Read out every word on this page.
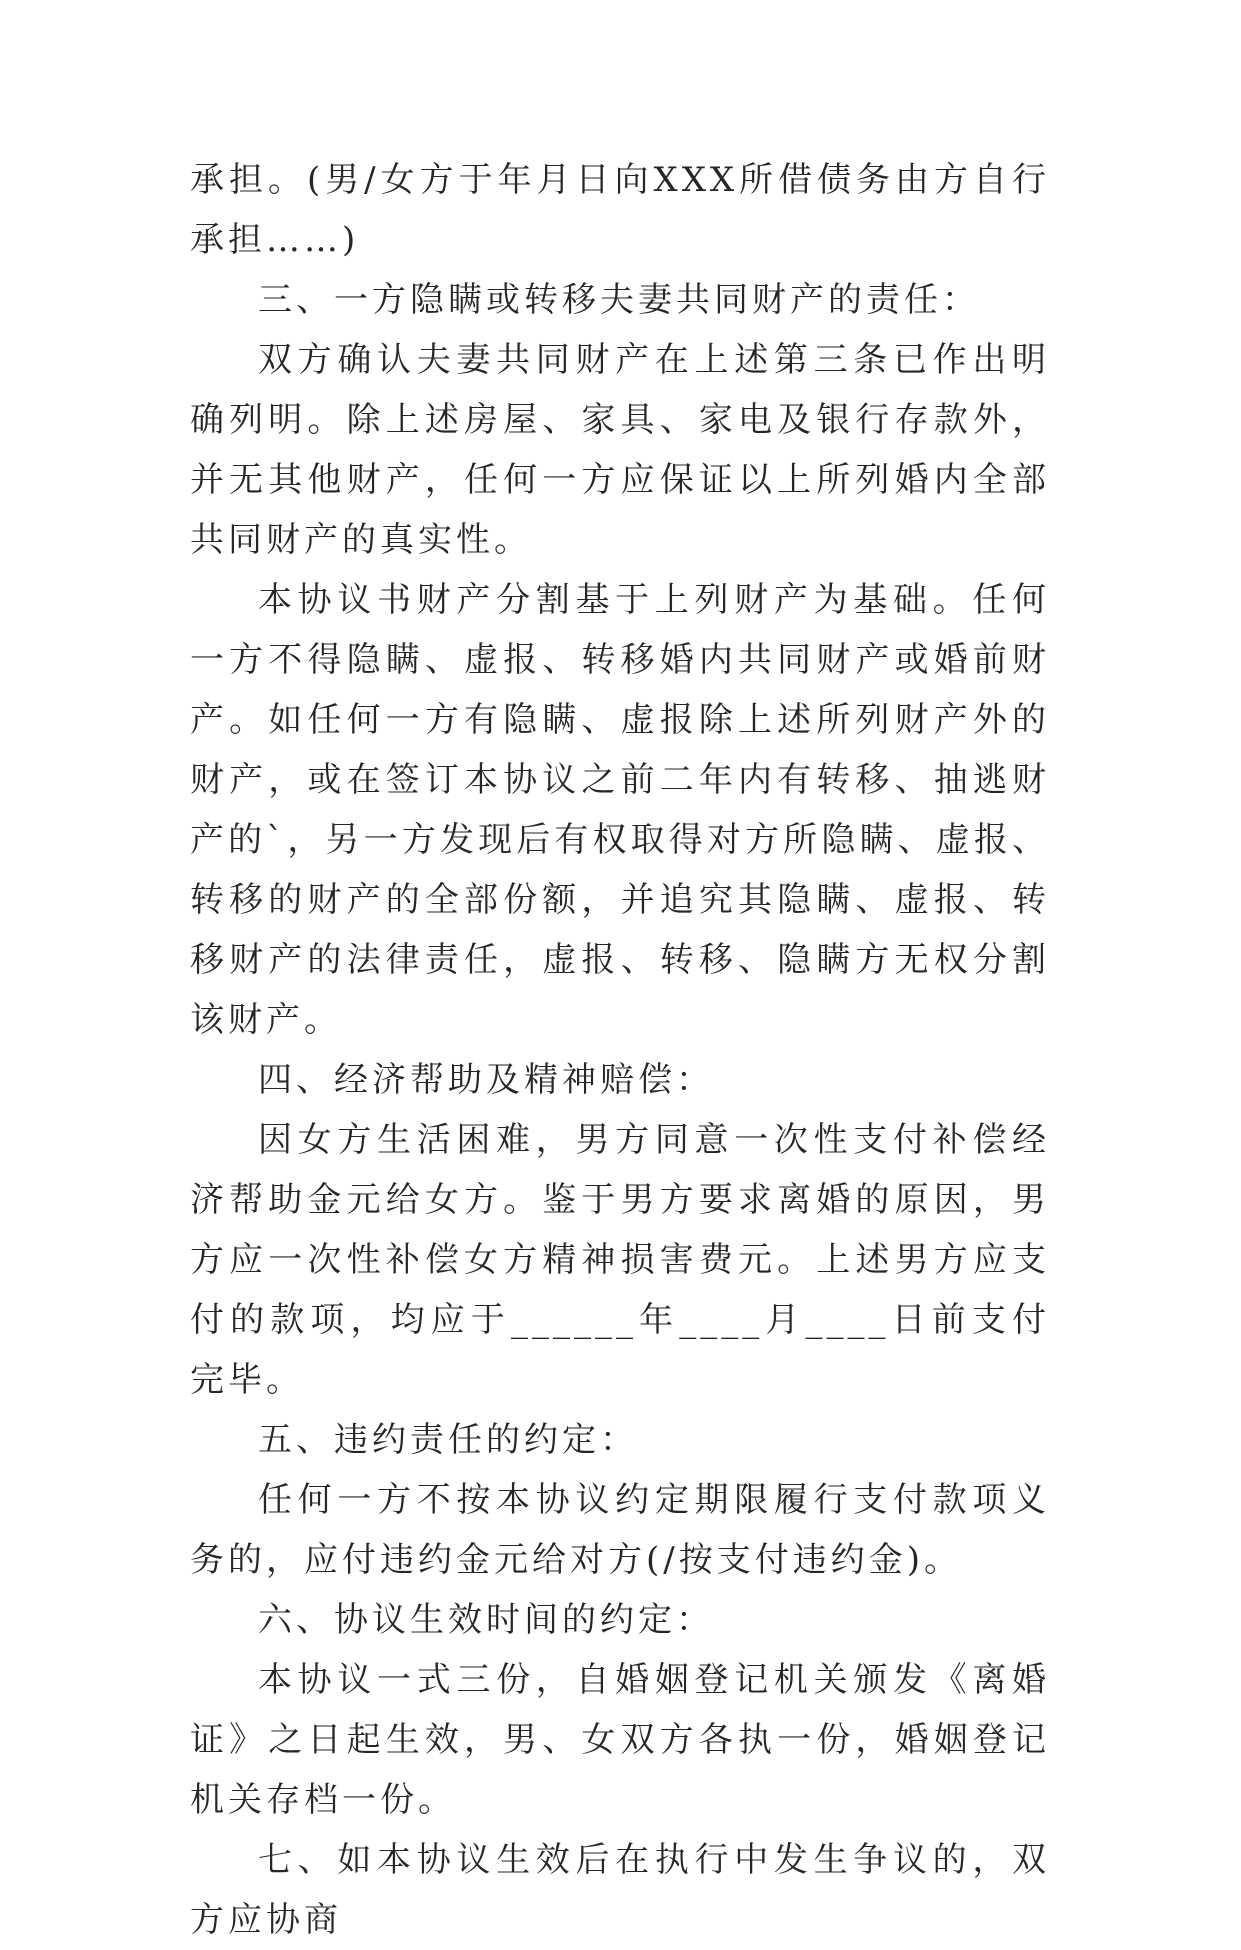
承担。(男/女方于年月日向XXX所借债务由方自行承担……)

三、一方隐瞒或转移夫妻共同财产的责任：

双方确认夫妻共同财产在上述第三条已作出明确列明。除上述房屋、家具、家电及银行存款外，并无其他财产，任何一方应保证以上所列婚内全部共同财产的真实性。

本协议书财产分割基于上列财产为基础。任何一方不得隐瞒、虚报、转移婚内共同财产或婚前财产。如任何一方有隐瞒、虚报除上述所列财产外的财产，或在签订本协议之前二年内有转移、抽逃财产的`，另一方发现后有权取得对方所隐瞒、虚报、转移的财产的全部份额，并追究其隐瞒、虚报、转移财产的法律责任，虚报、转移、隐瞒方无权分割该财产。

四、经济帮助及精神赔偿：

因女方生活困难，男方同意一次性支付补偿经济帮助金元给女方。鉴于男方要求离婚的原因，男方应一次性补偿女方精神损害费元。上述男方应支付的款项，均应于______年____月____日前支付完毕。

五、违约责任的约定：

任何一方不按本协议约定期限履行支付款项义务的，应付违约金元给对方(/按支付违约金)。

六、协议生效时间的约定：

本协议一式三份，自婚姻登记机关颁发《离婚证》之日起生效，男、女双方各执一份，婚姻登记机关存档一份。

七、如本协议生效后在执行中发生争议的，双方应协商
